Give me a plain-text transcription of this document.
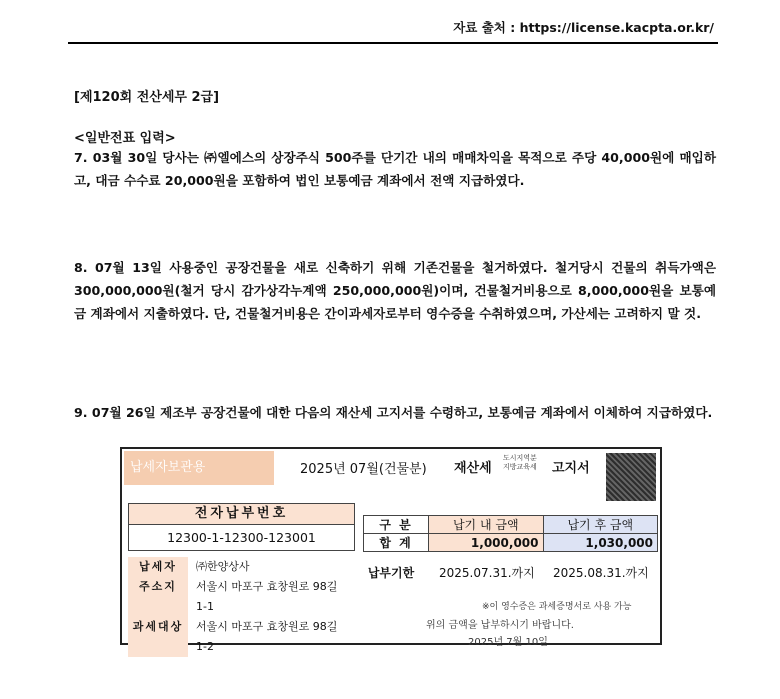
자료 출처 : https://license.kacpta.or.kr/
[제120회 전산세무 2급]
<일반전표 입력>
7. 03월 30일 당사는 ㈜엘에스의 상장주식 500주를 단기간 내의 매매차익을 목적으로 주당 40,000원에 매입하고, 대금 수수료 20,000원을 포함하여 법인 보통예금 계좌에서 전액 지급하였다.
8. 07월 13일 사용중인 공장건물을 새로 신축하기 위해 기존건물을 철거하였다. 철거당시 건물의 취득가액은 300,000,000원(철거 당시 감가상각누계액 250,000,000원)이며, 건물철거비용으로 8,000,000원을 보통예금 계좌에서 지출하였다. 단, 건물철거비용은 간이과세자로부터 영수증을 수취하였으며, 가산세는 고려하지 말 것.
9. 07월 26일 제조부 공장건물에 대한 다음의 재산세 고지서를 수령하고, 보통예금 계좌에서 이체하여 지급하였다.
납세자보관용	2025년 07월(건물분) 재산세
도시지역분
지방교육세 고지서
전자납부번호
12300-1-12300-123001
납세자	㈜한양상사
주소지	서울시 마포구 효창원로 98길
1-1
과세대상	서울시 마포구 효창원로 98길
1-2
구 분	납기 내 금액	납기 후 금액
합 계	1,000,000	1,030,000
납부기한	2025.07.31.까지 2025.08.31.까지
※이 영수증은 과세증명서로 사용 가능
위의 금액을 납부하시기 바랍니다.
2025년 7월 10일
